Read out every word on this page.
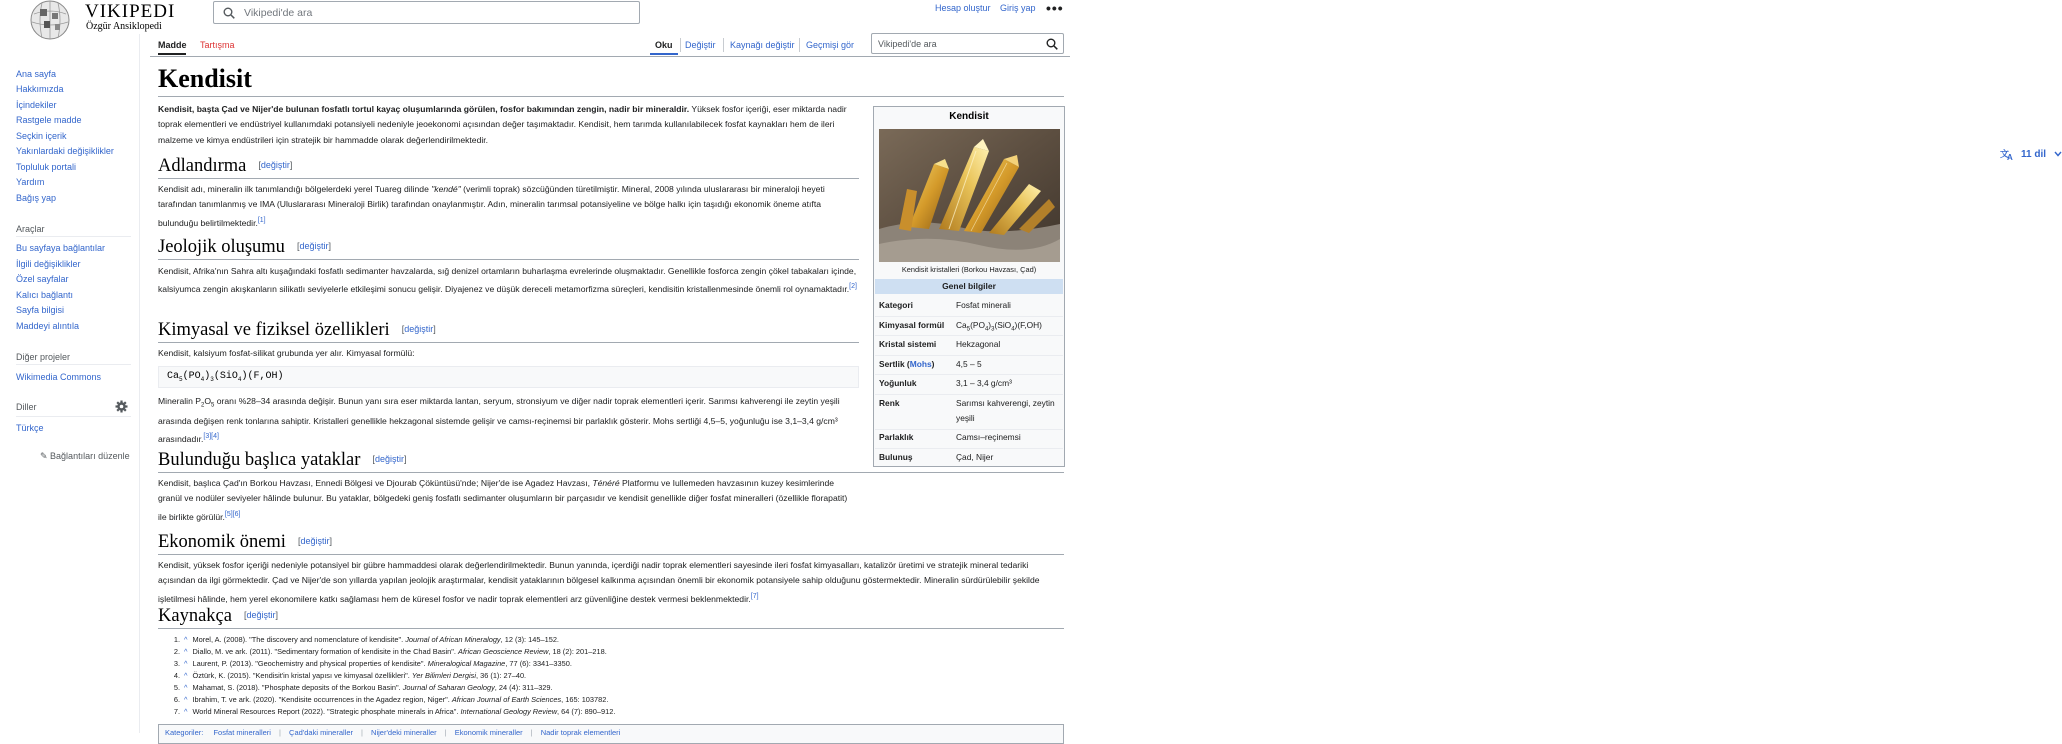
VIKIPEDI
Özgür Ansiklopedi
Vikipedi'de ara	Hesap oluştur Giriş yap •••
Ana sayfa
Hakkımızda
İçindekiler
Rastgele madde
Seçkin içerik
Yakınlardaki değişiklikler
Topluluk portali
Yardım
Bağış yap
Araçlar
Bu sayfaya bağlantılar
İlgili değişiklikler
Özel sayfalar
Kalıcı bağlantı
Sayfa bilgisi
Maddeyi alıntıla
Diğer projeler
Wikimedia Commons
Diller
Türkçe
✎ Bağlantıları düzenle
Madde Tartışma	Oku Değiştir Kaynağı değiştir Geçmişi gör	Vikipedi'de ara
Kendisit
文
A 11 dil

Kendisit, başta Çad ve Nijer'de bulunan fosfatlı tortul kayaç oluşumlarında görülen, fosfor bakımından zengin, nadir bir mineraldir. Yüksek fosfor içeriği, eser miktarda nadir toprak elementleri ve endüstriyel kullanımdaki potansiyeli nedeniyle jeoekonomi açısından değer taşımaktadır. Kendisit, hem tarımda kullanılabilecek fosfat kaynakları hem de ileri malzeme ve kimya endüstrileri için stratejik bir hammadde olarak değerlendirilmektedir.

Adlandırma [değiştir]

Kendisit adı, mineralin ilk tanımlandığı bölgelerdeki yerel Tuareg dilinde "kendé" (verimli toprak) sözcüğünden türetilmiştir. Mineral, 2008 yılında uluslararası bir mineraloji heyeti tarafından tanımlanmış ve IMA (Uluslararası Mineraloji Birlik) tarafından onaylanmıştır. Adın, mineralin tarımsal potansiyeline ve bölge halkı için taşıdığı ekonomik öneme atıfta bulunduğu belirtilmektedir.[1]

Jeolojik oluşumu [değiştir]

Kendisit, Afrika'nın Sahra altı kuşağındaki fosfatlı sedimanter havzalarda, sığ denizel ortamların buharlaşma evrelerinde oluşmaktadır. Genellikle fosforca zengin çökel tabakaları içinde, kalsiyumca zengin akışkanların silikatlı seviyelerle etkileşimi sonucu gelişir. Diyajenez ve düşük dereceli metamorfizma süreçleri, kendisitin kristallenmesinde önemli rol oynamaktadır.[2]

Kimyasal ve fiziksel özellikleri [değiştir]

Kendisit, kalsiyum fosfat-silikat grubunda yer alır. Kimyasal formülü:

$Ca_5(PO_4)_3(SiO_4)(F,OH)$

Mineralin $P_2O_5$ oranı %28–34 arasında değişir. Bunun yanı sıra eser miktarda lantan, seryum, stronsiyum ve diğer nadir toprak elementleri içerir. Sarımsı kahverengi ile zeytin yeşili arasında değişen renk tonlarına sahiptir. Kristalleri genellikle hekzagonal sistemde gelişir ve camsı-reçinemsi bir parlaklık gösterir. Mohs sertliği 4,5–5, yoğunluğu ise 3,1–3,4 g/cm³ arasındadır.[3][4]

Bulunduğu başlıca yataklar [değiştir]

Kendisit, başlıca Çad'ın Borkou Havzası, Ennedi Bölgesi ve Djourab Çöküntüsü'nde; Nijer'de ise Agadez Havzası, Ténéré Platformu ve Iullemeden havzasının kuzey kesimlerinde granül ve nodüler seviyeler hâlinde bulunur. Bu yataklar, bölgedeki geniş fosfatlı sedimanter oluşumların bir parçasıdır ve kendisit genellikle diğer fosfat mineralleri (özellikle florapatit) ile birlikte görülür.[5][6]

Ekonomik önemi [değiştir]

Kendisit, yüksek fosfor içeriği nedeniyle potansiyel bir gübre hammaddesi olarak değerlendirilmektedir. Bunun yanında, içerdiği nadir toprak elementleri sayesinde ileri fosfat kimyasalları, katalizör üretimi ve stratejik mineral tedariki açısından da ilgi görmektedir. Çad ve Nijer'de son yıllarda yapılan jeolojik araştırmalar, kendisit yataklarının bölgesel kalkınma açısından önemli bir ekonomik potansiyele sahip olduğunu göstermektedir. Mineralin sürdürülebilir şekilde işletilmesi hâlinde, hem yerel ekonomilere katkı sağlaması hem de küresel fosfor ve nadir toprak elementleri arz güvenliğine destek vermesi beklenmektedir.[7]

Kaynakça [değiştir]
1. ^ Morel, A. (2008). "The discovery and nomenclature of kendisite". Journal of African Mineralogy, 12 (3): 145–152.
2. ^ Diallo, M. ve ark. (2011). "Sedimentary formation of kendisite in the Chad Basin". African Geoscience Review, 18 (2): 201–218.
3. ^ Laurent, P. (2013). "Geochemistry and physical properties of kendisite". Mineralogical Magazine, 77 (6): 3341–3350.
4. ^ Öztürk, K. (2015). "Kendisit'in kristal yapısı ve kimyasal özellikleri". Yer Bilimleri Dergisi, 36 (1): 27–40.
5. ^ Mahamat, S. (2018). "Phosphate deposits of the Borkou Basin". Journal of Saharan Geology, 24 (4): 311–329.
6. ^ Ibrahim, T. ve ark. (2020). "Kendisite occurrences in the Agadez region, Niger". African Journal of Earth Sciences, 165: 103782.
7. ^ World Mineral Resources Report (2022). "Strategic phosphate minerals in Africa". International Geology Review, 64 (7): 890–912.
Kategoriler: Fosfat mineralleri | Çad'daki mineraller | Nijer'deki mineraller | Ekonomik mineraller | Nadir toprak elementleri
Kendisit
Kendisit kristalleri (Borkou Havzası, Çad)
Genel bilgiler
Kategori	Fosfat minerali
Kimyasal formül $Ca_5(PO_4)_3(SiO_4)(F,OH)$
Kristal sistemi Hekzagonal
Sertlik (Mohs)	4,5 – 5
Yoğunluk	3,1 – 3,4 g/cm³
Renk	Sarımsı kahverengi, zeytin yeşili
Parlaklık	Camsı–reçinemsi
Bulunuş	Çad, Nijer
